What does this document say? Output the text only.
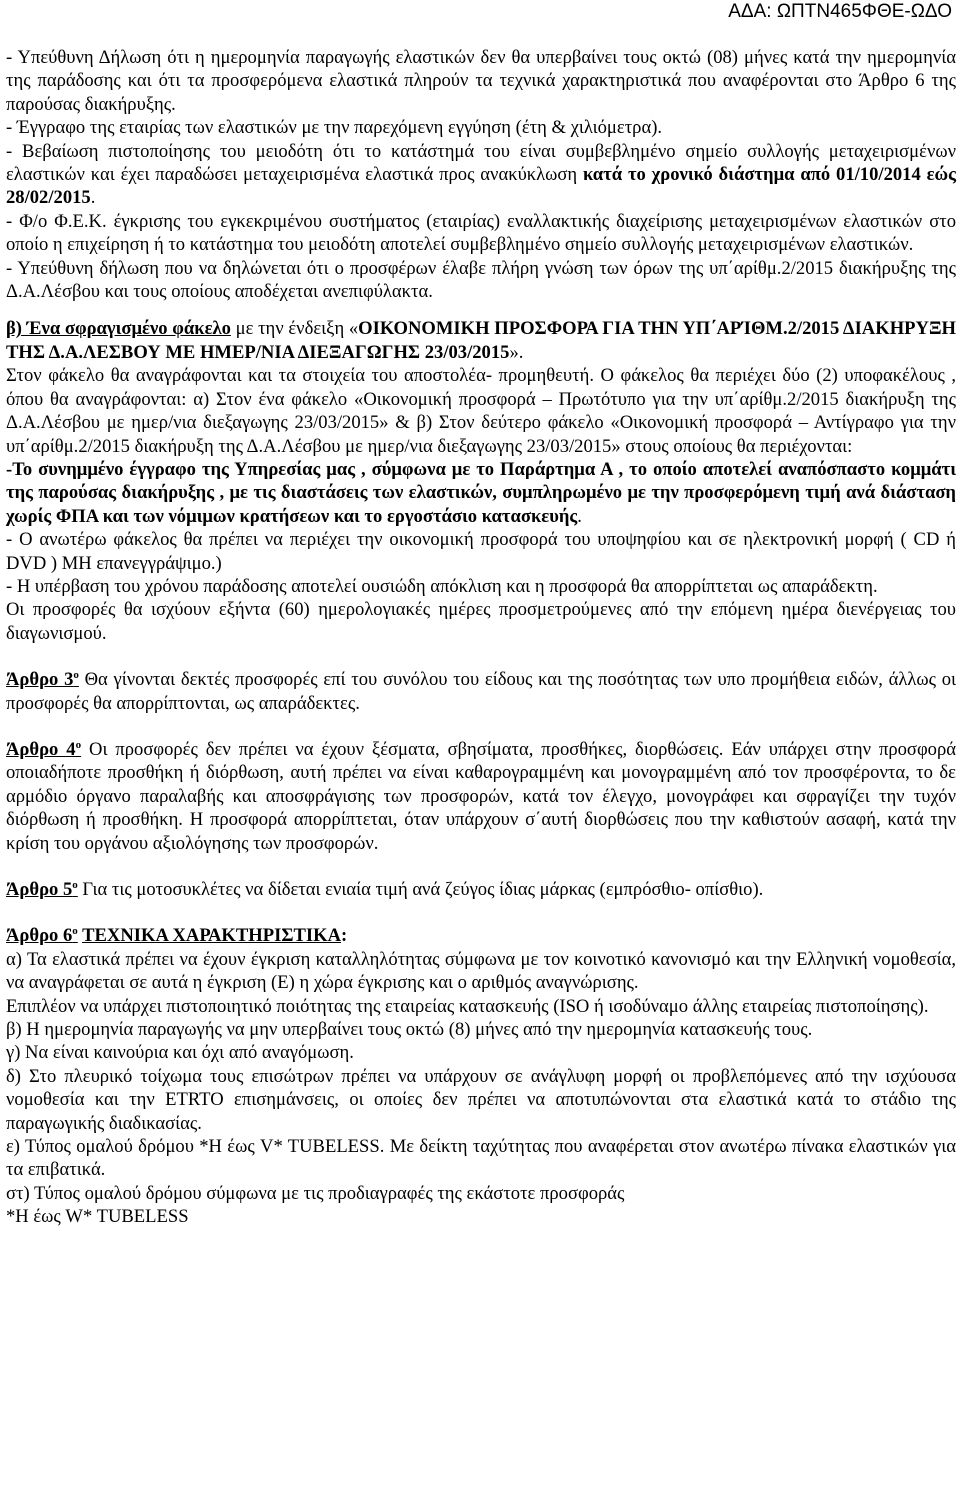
ΑΔΑ: ΩΠΤΝ465ΦΘΕ-ΩΔΟ

- Υπεύθυνη Δήλωση ότι η ημερομηνία παραγωγής ελαστικών δεν θα υπερβαίνει τους οκτώ (08) μήνες κατά την ημερομηνία της παράδοσης και ότι τα προσφερόμενα ελαστικά πληρούν τα τεχνικά χαρακτηριστικά που αναφέρονται στο Άρθρο 6 της παρούσας διακήρυξης.

- Έγγραφο της εταιρίας των ελαστικών με την παρεχόμενη εγγύηση (έτη & χιλιόμετρα).

- Βεβαίωση πιστοποίησης του μειοδότη ότι το κατάστημά του είναι συμβεβλημένο σημείο συλλογής μεταχειρισμένων ελαστικών και έχει παραδώσει μεταχειρισμένα ελαστικά προς ανακύκλωση κατά το χρονικό διάστημα από 01/10/2014 εώς 28/02/2015.

- Φ/ο Φ.Ε.Κ. έγκρισης του εγκεκριμένου συστήματος (εταιρίας) εναλλακτικής διαχείρισης μεταχειρισμένων ελαστικών στο οποίο η επιχείρηση ή το κατάστημα του μειοδότη αποτελεί συμβεβλημένο σημείο συλλογής μεταχειρισμένων ελαστικών.

- Υπεύθυνη δήλωση που να δηλώνεται ότι ο προσφέρων έλαβε πλήρη γνώση των όρων της υπ΄αρίθμ.2/2015 διακήρυξης της Δ.Α.Λέσβου και τους οποίους αποδέχεται ανεπιφύλακτα.

β) Ένα σφραγισμένο φάκελο με την ένδειξη «ΟΙΚΟΝΟΜΙΚΗ ΠΡΟΣΦΟΡΑ ΓΙΑ ΤΗΝ ΥΠ΄ΑΡΊΘΜ.2/2015 ΔΙΑΚΗΡΥΞΗ ΤΗΣ Δ.Α.ΛΕΣΒΟΥ ΜΕ ΗΜΕΡ/ΝΙΑ ΔΙΕΞΑΓΩΓΗΣ 23/03/2015».

Στον φάκελο θα αναγράφονται και τα στοιχεία του αποστολέα- προμηθευτή. Ο φάκελος θα περιέχει δύο (2) υποφακέλους , όπου θα αναγράφονται: α) Στον ένα φάκελο «Οικονομική προσφορά – Πρωτότυπο για την υπ΄αρίθμ.2/2015 διακήρυξη της Δ.Α.Λέσβου με ημερ/νια διεξαγωγης 23/03/2015» & β) Στον δεύτερο φάκελο «Οικονομική προσφορά – Αντίγραφο για την υπ΄αρίθμ.2/2015 διακήρυξη της Δ.Α.Λέσβου με ημερ/νια διεξαγωγης 23/03/2015» στους οποίους θα περιέχονται:

-Το συνημμένο έγγραφο της Υπηρεσίας μας , σύμφωνα με το Παράρτημα Α , το οποίο αποτελεί αναπόσπαστο κομμάτι της παρούσας διακήρυξης , με τις διαστάσεις των ελαστικών, συμπληρωμένο με την προσφερόμενη τιμή ανά διάσταση χωρίς ΦΠΑ και των νόμιμων κρατήσεων και το εργοστάσιο κατασκευής.

- Ο ανωτέρω φάκελος θα πρέπει να περιέχει την οικονομική προσφορά του υποψηφίου και σε ηλεκτρονική μορφή ( CD ή DVD ) ΜΗ επανεγγράψιμο.)

- Η υπέρβαση του χρόνου παράδοσης αποτελεί ουσιώδη απόκλιση και η προσφορά θα απορρίπτεται ως απαράδεκτη.

Οι προσφορές θα ισχύουν εξήντα (60) ημερολογιακές ημέρες προσμετρούμενες από την επόμενη ημέρα διενέργειας του διαγωνισμού.

Άρθρο $3^o$ Θα γίνονται δεκτές προσφορές επί του συνόλου του είδους και της ποσότητας των υπο προμήθεια ειδών, άλλως οι προσφορές θα απορρίπτονται, ως απαράδεκτες.

Άρθρο $4^o$ Οι προσφορές δεν πρέπει να έχουν ξέσματα, σβησίματα, προσθήκες, διορθώσεις. Εάν υπάρχει στην προσφορά οποιαδήποτε προσθήκη ή διόρθωση, αυτή πρέπει να είναι καθαρογραμμένη και μονογραμμένη από τον προσφέροντα, το δε αρμόδιο όργανο παραλαβής και αποσφράγισης των προσφορών, κατά τον έλεγχο, μονογράφει και σφραγίζει την τυχόν διόρθωση ή προσθήκη. Η προσφορά απορρίπτεται, όταν υπάρχουν σ΄αυτή διορθώσεις που την καθιστούν ασαφή, κατά την κρίση του οργάνου αξιολόγησης των προσφορών.

Άρθρο $5^o$ Για τις μοτοσυκλέτες να δίδεται ενιαία τιμή ανά ζεύγος ίδιας μάρκας (εμπρόσθιο- οπίσθιο).

Άρθρο $6^o$ ΤΕΧΝΙΚΑ ΧΑΡΑΚΤΗΡΙΣΤΙΚΑ:

α) Τα ελαστικά πρέπει να έχουν έγκριση καταλληλότητας σύμφωνα με τον κοινοτικό κανονισμό και την Ελληνική νομοθεσία, να αναγράφεται σε αυτά η έγκριση (Ε) η χώρα έγκρισης και ο αριθμός αναγνώρισης.

Επιπλέον να υπάρχει πιστοποιητικό ποιότητας της εταιρείας κατασκευής (ISO ή ισοδύναμο άλλης εταιρείας πιστοποίησης).

β) Η ημερομηνία παραγωγής να μην υπερβαίνει τους οκτώ (8) μήνες από την ημερομηνία κατασκευής τους.

γ) Να είναι καινούρια και όχι από αναγόμωση.

δ) Στο πλευρικό τοίχωμα τους επισώτρων πρέπει να υπάρχουν σε ανάγλυφη μορφή οι προβλεπόμενες από την ισχύουσα νομοθεσία και την ETRTO επισημάνσεις, οι οποίες δεν πρέπει να αποτυπώνονται στα ελαστικά κατά το στάδιο της παραγωγικής διαδικασίας.

ε) Τύπος ομαλού δρόμου *Η έως V* TUBELESS. Με δείκτη ταχύτητας που αναφέρεται στον ανωτέρω πίνακα ελαστικών για τα επιβατικά.

στ) Τύπος ομαλού δρόμου σύμφωνα με τις προδιαγραφές της εκάστοτε προσφοράς

*Η έως W* TUBELESS
